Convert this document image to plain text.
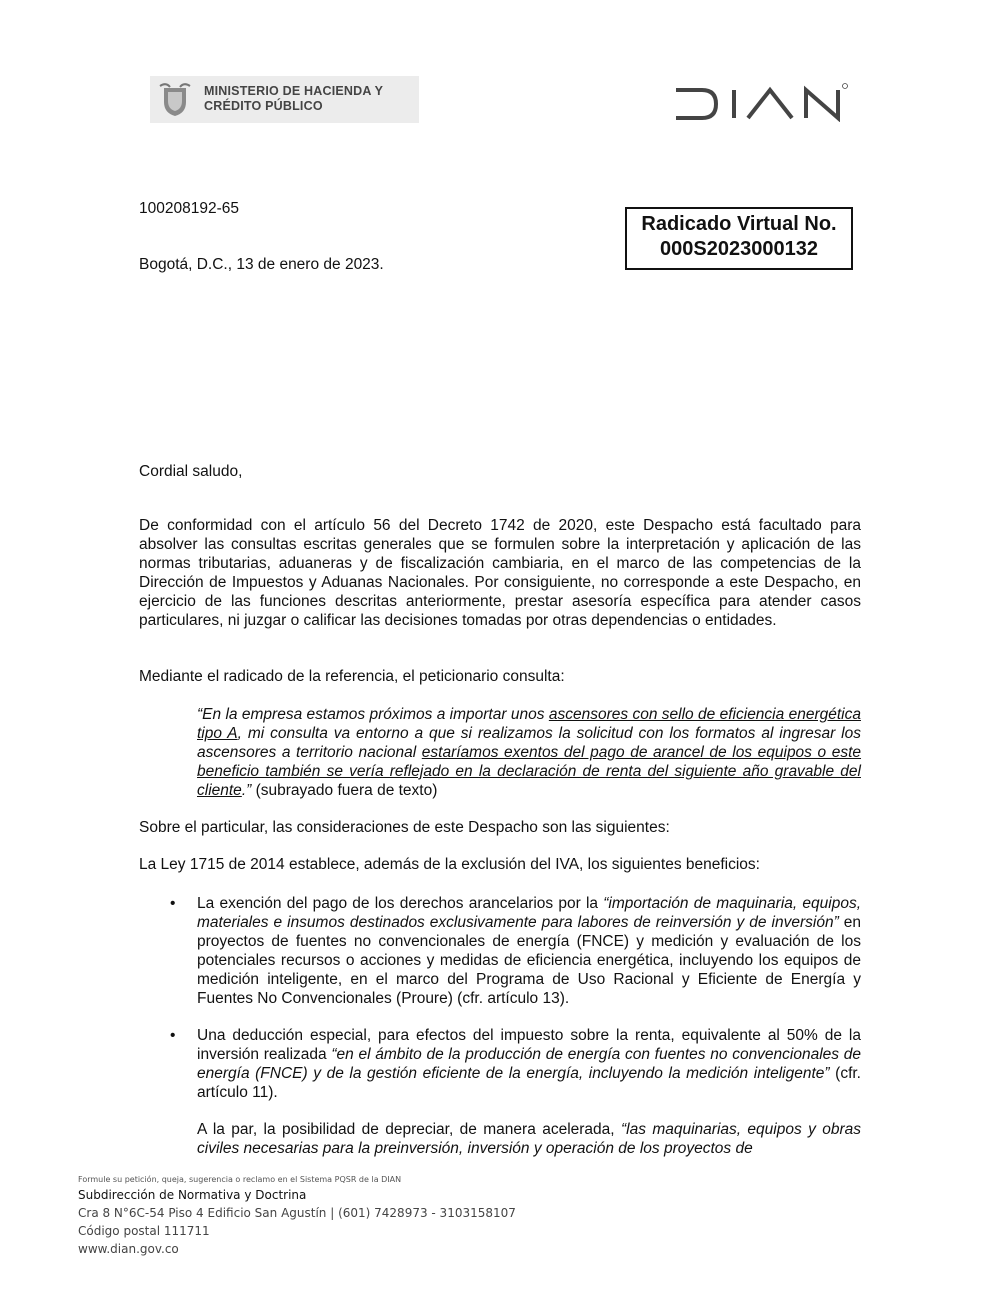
MINISTERIO DE HACIENDA Y
CRÉDITO PÚBLICO
100208192-65
Bogotá, D.C., 13 de enero de 2023.
Radicado Virtual No.
000S2023000132
Cordial saludo,
De conformidad con el artículo 56 del Decreto 1742 de 2020, este Despacho está facultado para absolver las consultas escritas generales que se formulen sobre la interpretación y aplicación de las normas tributarias, aduaneras y de fiscalización cambiaria, en el marco de las competencias de la Dirección de Impuestos y Aduanas Nacionales. Por consiguiente, no corresponde a este Despacho, en ejercicio de las funciones descritas anteriormente, prestar asesoría específica para atender casos particulares, ni juzgar o calificar las decisiones tomadas por otras dependencias o entidades.
Mediante el radicado de la referencia, el peticionario consulta:
“En la empresa estamos próximos a importar unos ascensores con sello de eficiencia energética tipo A, mi consulta va entorno a que si realizamos la solicitud con los formatos al ingresar los ascensores a territorio nacional estaríamos exentos del pago de arancel de los equipos o este beneficio también se vería reflejado en la declaración de renta del siguiente año gravable del cliente.” (subrayado fuera de texto)
Sobre el particular, las consideraciones de este Despacho son las siguientes:
La Ley 1715 de 2014 establece, además de la exclusión del IVA, los siguientes beneficios:
• La exención del pago de los derechos arancelarios por la “importación de maquinaria, equipos, materiales e insumos destinados exclusivamente para labores de reinversión y de inversión” en proyectos de fuentes no convencionales de energía (FNCE) y medición y evaluación de los potenciales recursos o acciones y medidas de eficiencia energética, incluyendo los equipos de medición inteligente, en el marco del Programa de Uso Racional y Eficiente de Energía y Fuentes No Convencionales (Proure) (cfr. artículo 13).
• Una deducción especial, para efectos del impuesto sobre la renta, equivalente al 50% de la inversión realizada “en el ámbito de la producción de energía con fuentes no convencionales de energía (FNCE) y de la gestión eficiente de la energía, incluyendo la medición inteligente” (cfr. artículo 11).
A la par, la posibilidad de depreciar, de manera acelerada, “las maquinarias, equipos y obras civiles necesarias para la preinversión, inversión y operación de los proyectos de
Formule su petición, queja, sugerencia o reclamo en el Sistema PQSR de la DIAN
Subdirección de Normativa y Doctrina
Cra 8 N°6C-54 Piso 4 Edificio San Agustín | (601) 7428973 - 3103158107
Código postal 111711
www.dian.gov.co
